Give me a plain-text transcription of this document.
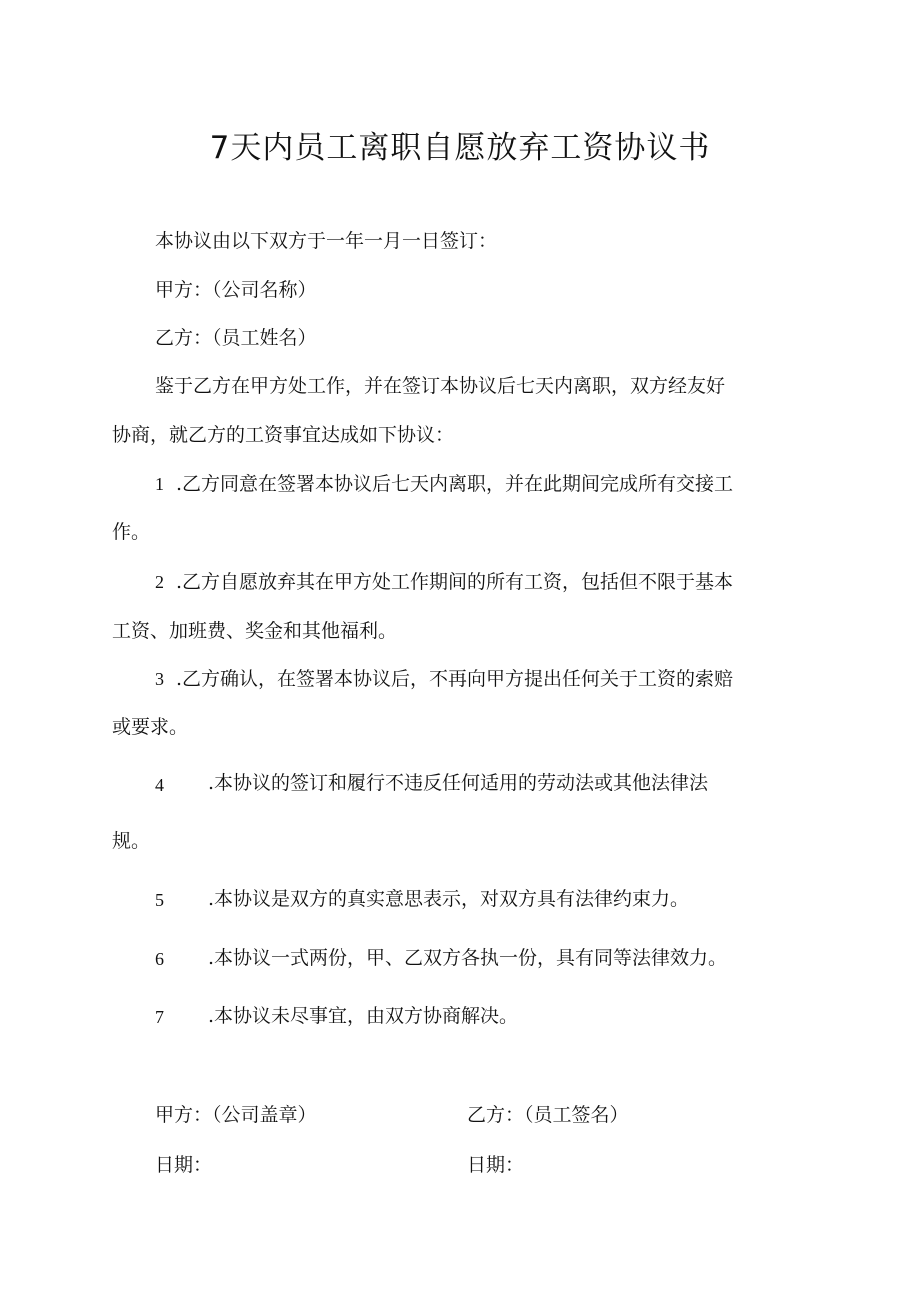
7天内员工离职自愿放弃工资协议书
本协议由以下双方于一年一月一日签订：
甲方：（公司名称）
乙方：（员工姓名）
鉴于乙方在甲方处工作，并在签订本协议后七天内离职，双方经友好
协商，就乙方的工资事宜达成如下协议：
1 .乙方同意在签署本协议后七天内离职，并在此期间完成所有交接工
作。
2 .乙方自愿放弃其在甲方处工作期间的所有工资，包括但不限于基本
工资、加班费、奖金和其他福利。
3 .乙方确认，在签署本协议后，不再向甲方提出任何关于工资的索赔
或要求。
4 .本协议的签订和履行不违反任何适用的劳动法或其他法律法
规。
5 .本协议是双方的真实意思表示，对双方具有法律约束力。
6 .本协议一式两份，甲、乙双方各执一份，具有同等法律效力。
7 .本协议未尽事宜，由双方协商解决。
甲方：（公司盖章）	乙方：（员工签名）
日期：	日期：
